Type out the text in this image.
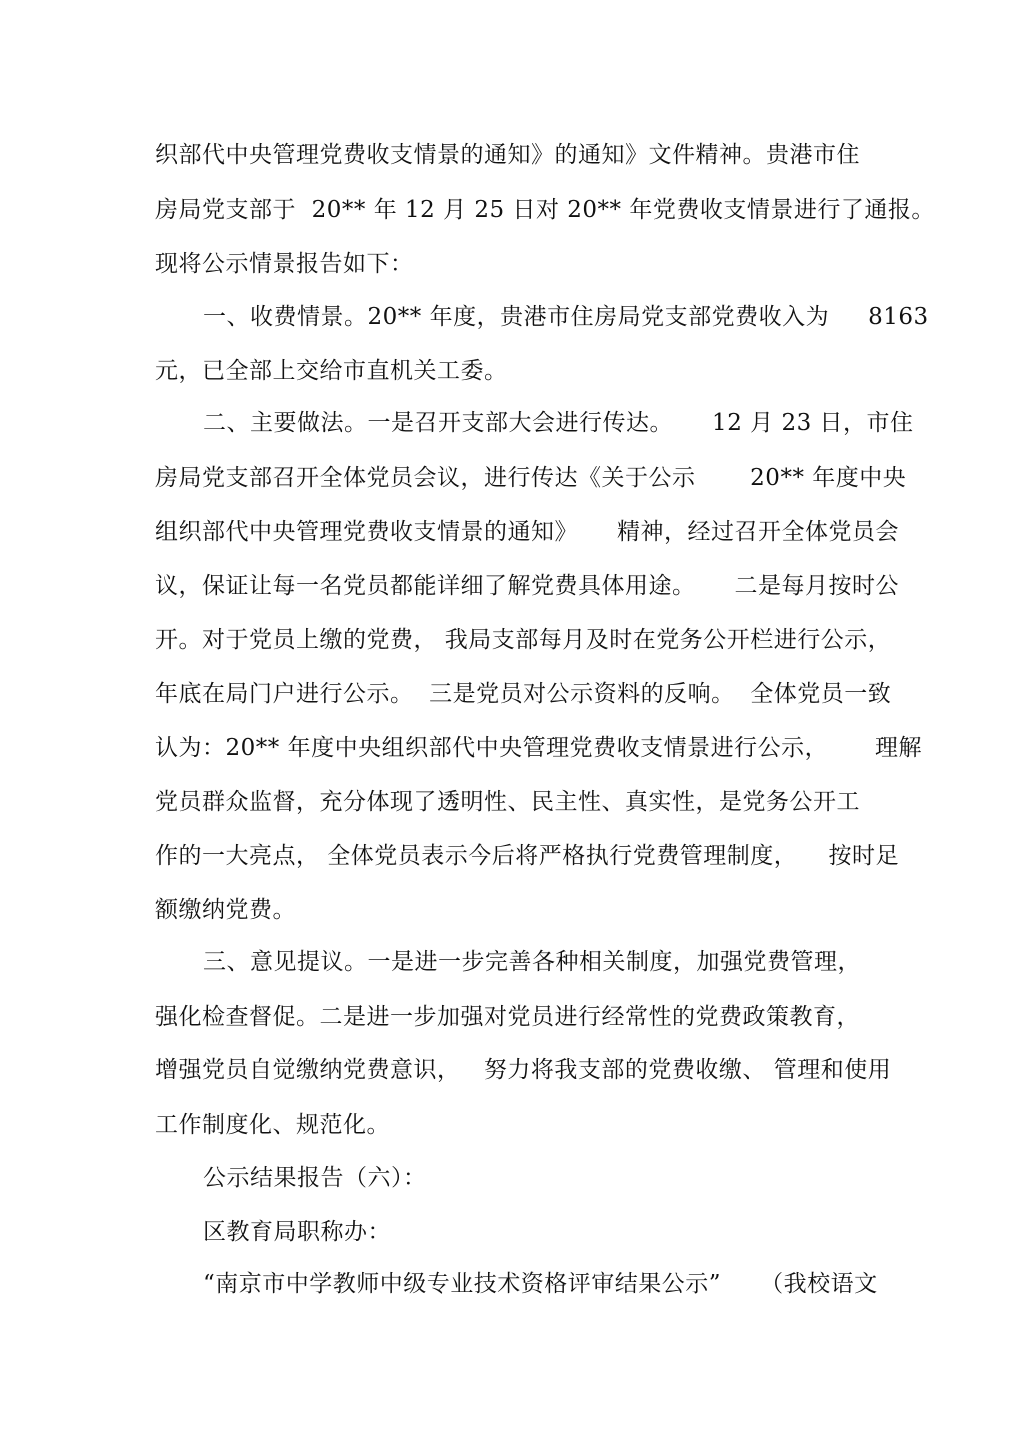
织部代中央管理党费收支情景的通知》的通知》文件精神。贵港市住
房局党支部于  20** 年 12 月 25 日对 20** 年党费收支情景进行了通报。
现将公示情景报告如下：
一、收费情景。20** 年度，贵港市住房局党支部党费收入为     8163
元，已全部上交给市直机关工委。
二、主要做法。一是召开支部大会进行传达。     12 月 23 日，市住
房局党支部召开全体党员会议，进行传达《关于公示       20** 年度中央
组织部代中央管理党费收支情景的通知》     精神，经过召开全体党员会
议，保证让每一名党员都能详细了解党费具体用途。     二是每月按时公
开。对于党员上缴的党费， 我局支部每月及时在党务公开栏进行公示，
年底在局门户进行公示。  三是党员对公示资料的反响。  全体党员一致
认为：20** 年度中央组织部代中央管理党费收支情景进行公示，      理解
党员群众监督，充分体现了透明性、民主性、真实性，是党务公开工
作的一大亮点， 全体党员表示今后将严格执行党费管理制度，    按时足
额缴纳党费。
三、意见提议。一是进一步完善各种相关制度，加强党费管理，
强化检查督促。二是进一步加强对党员进行经常性的党费政策教育，
增强党员自觉缴纳党费意识，   努力将我支部的党费收缴、 管理和使用
工作制度化、规范化。
公示结果报告（六）：
区教育局职称办：
“南京市中学教师中级专业技术资格评审结果公示”     （我校语文
